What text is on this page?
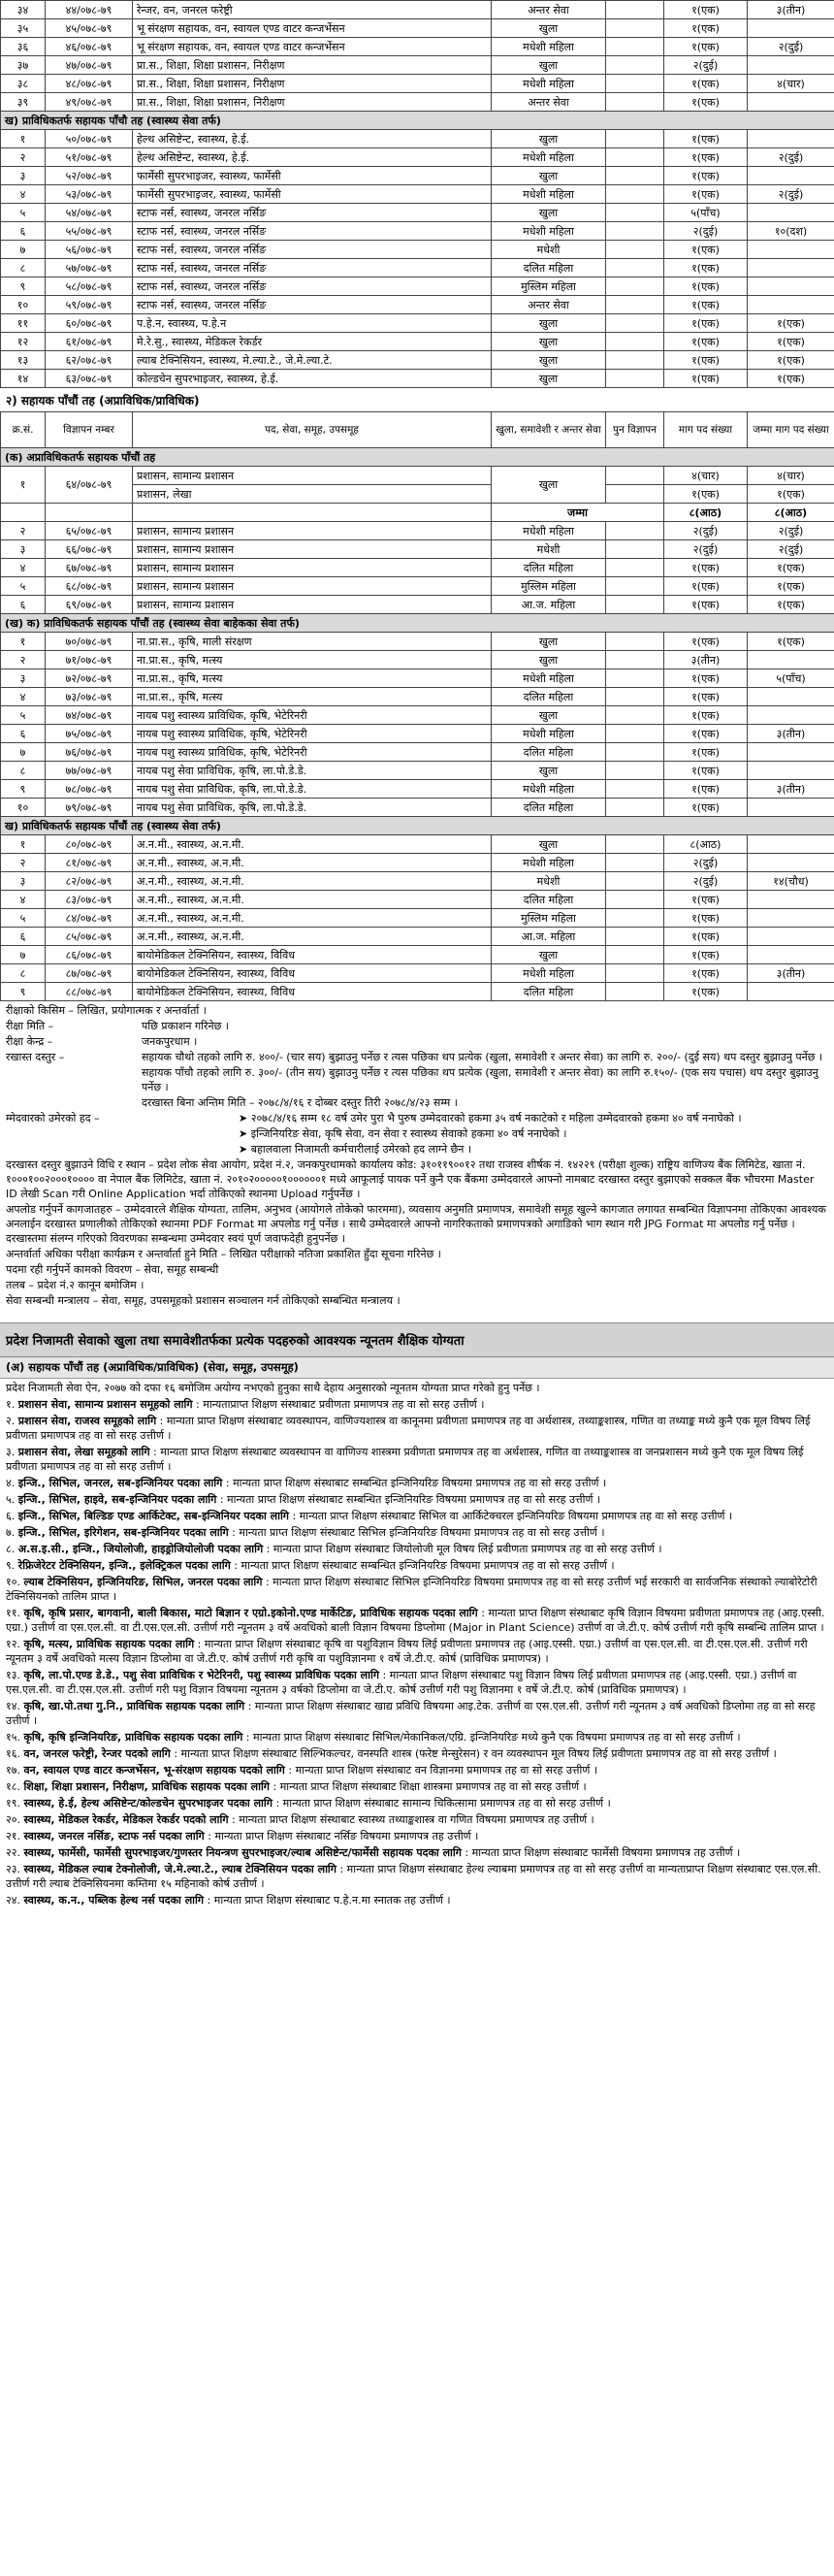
३४	४४/०७८-७९	रेन्जर, वन, जनरल फरेष्ट्री	अन्तर सेवा		१(एक)	३(तीन)
३५	४५/०७८-७९	भू संरक्षण सहायक, वन, स्वायल एण्ड वाटर कन्जर्भेसन	खुला		१(एक)	
३६	४६/०७८-७९	भू संरक्षण सहायक, वन, स्वायल एण्ड वाटर कन्जर्भेसन	मधेशी महिला		१(एक)	२(दुई)
३७	४७/०७८-७९	प्रा.स., शिक्षा, शिक्षा प्रशासन, निरीक्षण	खुला		२(दुई)	
३८	४८/०७८-७९	प्रा.स., शिक्षा, शिक्षा प्रशासन, निरीक्षण	मधेशी महिला		१(एक)	४(चार)
३९	४९/०७८-७९	प्रा.स., शिक्षा, शिक्षा प्रशासन, निरीक्षण	अन्तर सेवा		१(एक)	
ख) प्राविधिकतर्फ सहायक पाँचौ तह (स्वास्थ्य सेवा तर्फ)						
१	५०/०७८-७९	हेल्थ असिष्टेन्ट, स्वास्थ्य, हे.ई.	खुला		१(एक)	
२	५१/०७८-७९	हेल्थ असिष्टेन्ट, स्वास्थ्य, हे.ई.	मधेशी महिला		१(एक)	२(दुई)
३	५२/०७८-७९	फार्मेसी सुपरभाइजर, स्वास्थ्य, फार्मेसी	खुला		१(एक)	
४	५३/०७८-७९	फार्मेसी सुपरभाइजर, स्वास्थ्य, फार्मेसी	मधेशी महिला		१(एक)	२(दुई)
५	५४/०७८-७९	स्टाफ नर्स, स्वास्थ्य, जनरल नर्सिङ	खुला		५(पाँच)	
६	५५/०७८-७९	स्टाफ नर्स, स्वास्थ्य, जनरल नर्सिङ	मधेशी महिला		२(दुई)	१०(दश)
७	५६/०७८-७९	स्टाफ नर्स, स्वास्थ्य, जनरल नर्सिङ	मधेशी		१(एक)	
८	५७/०७८-७९	स्टाफ नर्स, स्वास्थ्य, जनरल नर्सिङ	दलित महिला		१(एक)	
९	५८/०७८-७९	स्टाफ नर्स, स्वास्थ्य, जनरल नर्सिङ	मुस्लिम महिला		१(एक)	
१०	५९/०७८-७९	स्टाफ नर्स, स्वास्थ्य, जनरल नर्सिङ	अन्तर सेवा		१(एक)	
११	६०/०७८-७९	प.हे.न, स्वास्थ्य, प.हे.न	खुला		१(एक)	१(एक)
१२	६१/०७८-७९	मे.रे.सु., स्वास्थ्य, मेडिकल रेकर्डर	खुला		१(एक)	१(एक)
१३	६२/०७८-७९	ल्याब टेक्निसियन, स्वास्थ्य, मे.ल्या.टे., जे.मे.ल्या.टे.	खुला		१(एक)	१(एक)
१४	६३/०७८-७९	कोल्डचेन सुपरभाइजर, स्वास्थ्य, हे.ई.	खुला		१(एक)	१(एक)
२) सहायक पाँचौं तह (अप्राविधिक/प्राविधिक)
क्र.सं.	विज्ञापन नम्बर	पद, सेवा, समूह, उपसमूह	खुला, समावेशी र अन्तर सेवा	पुन विज्ञापन	माग पद संख्या	जम्मा माग पद संख्या
(क) अप्राविधिकतर्फ सहायक पाँचौं तह						
१	६४/०७८-७९	प्रशासन, सामान्य प्रशासन	खुला		४(चार)	४(चार)
		प्रशासन, लेखा			१(एक)	१(एक)
			जम्मा		८(आठ)	८(आठ)
२	६५/०७८-७९	प्रशासन, सामान्य प्रशासन	मधेशी महिला		२(दुई)	२(दुई)
३	६६/०७८-७९	प्रशासन, सामान्य प्रशासन	मधेशी		२(दुई)	२(दुई)
४	६७/०७८-७९	प्रशासन, सामान्य प्रशासन	दलित महिला		१(एक)	१(एक)
५	६८/०७८-७९	प्रशासन, सामान्य प्रशासन	मुस्लिम महिला		१(एक)	१(एक)
६	६९/०७८-७९	प्रशासन, सामान्य प्रशासन	आ.ज. महिला		१(एक)	१(एक)
(ख) क) प्राविधिकतर्फ सहायक पाँचौं तह (स्वास्थ्य सेवा बाहेकका सेवा तर्फ)						
१	७०/०७८-७९	ना.प्रा.स., कृषि, माली संरक्षण	खुला		१(एक)	१(एक)
२	७१/०७८-७९	ना.प्रा.स., कृषि, मत्स्य	खुला		३(तीन)	
३	७२/०७८-७९	ना.प्रा.स., कृषि, मत्स्य	मधेशी महिला		१(एक)	५(पाँच)
४	७३/०७८-७९	ना.प्रा.स., कृषि, मत्स्य	दलित महिला		१(एक)	
५	७४/०७८-७९	नायब पशु स्वास्थ्य प्राविधिक, कृषि, भेटेरिनरी	खुला		१(एक)	
६	७५/०७८-७९	नायब पशु स्वास्थ्य प्राविधिक, कृषि, भेटेरिनरी	मधेशी महिला		१(एक)	३(तीन)
७	७६/०७८-७९	नायब पशु स्वास्थ्य प्राविधिक, कृषि, भेटेरिनरी	दलित महिला		१(एक)	
८	७७/०७८-७९	नायब पशु सेवा प्राविधिक, कृषि, ला.पो.डे.डे.	खुला		१(एक)	
९	७८/०७८-७९	नायब पशु सेवा प्राविधिक, कृषि, ला.पो.डे.डे.	मधेशी महिला		१(एक)	३(तीन)
१०	७९/०७८-७९	नायब पशु सेवा प्राविधिक, कृषि, ला.पो.डे.डे.	दलित महिला		१(एक)	
ख) प्राविधिकतर्फ सहायक पाँचौं तह (स्वास्थ्य सेवा तर्फ)						
१	८०/०७८-७९	अ.न.मी., स्वास्थ्य, अ.न.मी.	खुला		८(आठ)	
२	८१/०७८-७९	अ.न.मी., स्वास्थ्य, अ.न.मी.	मधेशी महिला		२(दुई)	
३	८२/०७८-७९	अ.न.मी., स्वास्थ्य, अ.न.मी.	मधेशी		२(दुई)	१४(चौध)
४	८३/०७८-७९	अ.न.मी., स्वास्थ्य, अ.न.मी.	दलित महिला		१(एक)	
५	८४/०७८-७९	अ.न.मी., स्वास्थ्य, अ.न.मी.	मुस्लिम महिला		१(एक)	
६	८५/०७८-७९	अ.न.मी., स्वास्थ्य, अ.न.मी.	आ.ज. महिला		१(एक)	
७	८६/०७८-७९	बायोमेडिकल टेक्निसियन, स्वास्थ्य, विविध	खुला		१(एक)	
८	८७/०७८-७९	बायोमेडिकल टेक्निसियन, स्वास्थ्य, विविध	मधेशी महिला		१(एक)	३(तीन)
९	८८/०७८-७९	बायोमेडिकल टेक्निसियन, स्वास्थ्य, विविध	दलित महिला		१(एक)	

रीक्षाको किसिम – लिखित, प्रयोगात्मक र अन्तर्वार्ता ।

रीक्षा मिति –	पछि प्रकाशन गरिनेछ ।

रीक्षा केन्द्र –	जनकपुरधाम ।

रखास्त दस्तुर –	सहायक चौथो तहको लागि रु. ४००/- (चार सय) बुझाउनु पर्नेछ र त्यस पछिका थप प्रत्येक (खुला, समावेशी र अन्तर सेवा) का लागि रु. २००/- (दुई सय) थप दस्तुर बुझाउनु पर्नेछ ।

सहायक पाँचौ तहको लागि रु. ३००/- (तीन सय) बुझाउनु पर्नेछ र त्यस पछिका थप प्रत्येक (खुला, समावेशी र अन्तर सेवा) का लागि रु.१५०/- (एक सय पचास) थप दस्तुर बुझाउनु पर्नेछ ।

दरखास्त बिना अन्तिम मिति – २०७८/४/१६ र दोब्बर दस्तुर तिरी २०७८/४/२३ सम्म ।

म्मेदवारको उमेरको हद –	➤ २०७८/४/१६ सम्म १८ वर्ष उमेर पुरा भै पुरुष उम्मेदवारको हकमा ३५ वर्ष नकाटेको र महिला उम्मेदवारको हकमा ४० वर्ष ननाघेको ।

➤ इन्जिनियरिङ सेवा, कृषि सेवा, वन सेवा र स्वास्थ्य सेवाको हकमा ४० वर्ष ननाघेको ।

➤ बहालवाला निजामती कर्मचारीलाई उमेरको हद लाग्ने छैन ।

दरखास्त दस्तुर बुझाउने विधि र स्थान – प्रदेश लोक सेवा आयोग, प्रदेश नं.२, जनकपुरधामको कार्यालय कोड: ३१०११९००१२ तथा राजस्व शीर्षक नं. १४२२९ (परीक्षा शुल्क) राष्ट्रिय वाणिज्य बैंक लिमिटेड, खाता नं. १०००१००२०००१०००० वा नेपाल बैंक लिमिटेड, खाता नं. २०१०२०००००१००००००१ मध्ये आफूलाई पायक पर्ने कुनै एक बैंकमा उम्मेदवारले आफ्नो नामबाट दरखास्त दस्तुर बुझाएको सक्कल बैंक भौचरमा Master ID लेखी Scan गरी Online Application भर्दा तोकिएको स्थानमा Upload गर्नुपर्नेछ ।

अपलोड गर्नुपर्ने कागजातहरु – उम्मेदवारले शैक्षिक योग्यता, तालिम, अनुभव (आयोगले तोकेको फारममा), व्यवसाय अनुमति प्रमाणपत्र, समावेशी समूह खुल्ने कागजात लगायत सम्बन्धित विज्ञापनमा तोकिएका आवश्यक अनलाईन दरखास्त प्रणालीको तोकिएको स्थानमा PDF Format मा अपलोड गर्नु पर्नेछ । साथै उम्मेदवारले आफ्नो नागरिकताको प्रमाणपत्रको अगाडिको भाग स्थान गरी JPG Format मा अपलोड गर्नु पर्नेछ । दरखास्तमा संलग्न गरिएको विवरणका सम्बन्धमा उम्मेदवार स्वयं पूर्ण जवाफदेही हुनुपर्नेछ ।

अन्तर्वार्ता अधिका परीक्षा कार्यक्रम र अन्तर्वार्ता हुने मिति – लिखित परीक्षाको नतिजा प्रकाशित हुँदा सूचना गरिनेछ ।

पदमा रही गर्नुपर्ने कामको विवरण – सेवा, समूह सम्बन्धी

तलब – प्रदेश नं.२ कानून बमोजिम ।

सेवा सम्बन्धी मन्त्रालय – सेवा, समूह, उपसमूहको प्रशासन सञ्चालन गर्न तोकिएको सम्बन्धित मन्त्रालय ।

प्रदेश निजामती सेवाको खुला तथा समावेशीतर्फका प्रत्येक पदहरुको आवश्यक न्यूनतम शैक्षिक योग्यता
(अ) सहायक पाँचौं तह (अप्राविधिक/प्राविधिक) (सेवा, समूह, उपसमूह)

प्रदेश निजामती सेवा ऐन, २०७७ को दफा १६ बमोजिम अयोग्य नभएको हुनुका साथै देहाय अनुसारको न्यूनतम योग्यता प्राप्त गरेको हुनु पर्नेछ ।

१. प्रशासन सेवा, सामान्य प्रशासन समूहको लागि : मान्यताप्राप्त शिक्षण संस्थाबाट प्रवीणता प्रमाणपत्र तह वा सो सरह उत्तीर्ण ।

२. प्रशासन सेवा, राजस्व समूहको लागि : मान्यता प्राप्त शिक्षण संस्थाबाट व्यवस्थापन, वाणिज्यशास्त्र वा कानूनमा प्रवीणता प्रमाणपत्र तह वा अर्थशास्त्र, तथ्याङ्कशास्त्र, गणित वा तथ्याङ्क मध्ये कुनै एक मूल विषय लिई प्रवीणता प्रमाणपत्र तह वा सो सरह उत्तीर्ण ।

३. प्रशासन सेवा, लेखा समूहको लागि : मान्यता प्राप्त शिक्षण संस्थाबाट व्यवस्थापन वा वाणिज्य शास्त्रमा प्रवीणता प्रमाणपत्र तह वा अर्थशास्त्र, गणित वा तथ्याङ्कशास्त्र वा जनप्रशासन मध्ये कुनै एक मूल विषय लिई प्रवीणता प्रमाणपत्र तह वा सो सरह उत्तीर्ण ।

४. इन्जि., सिभिल, जनरल, सब-इन्जिनियर पदका लागि : मान्यता प्राप्त शिक्षण संस्थाबाट सम्बन्धित इन्जिनियरिङ विषयमा प्रमाणपत्र तह वा सो सरह उत्तीर्ण ।

५. इन्जि., सिभिल, हाइवे, सब-इन्जिनियर पदका लागि : मान्यता प्राप्त शिक्षण संस्थाबाट सम्बन्धित इन्जिनियरिङ विषयमा प्रमाणपत्र तह वा सो सरह उत्तीर्ण ।

६. इन्जि., सिभिल, बिल्डिङ एण्ड आर्किटेक्ट, सब-इन्जिनियर पदका लागि : मान्यता प्राप्त शिक्षण संस्थाबाट सिभिल वा आर्किटेक्चरल इन्जिनियरिङ विषयमा प्रमाणपत्र तह वा सो सरह उत्तीर्ण ।

७. इन्जि., सिभिल, इरिगेशन, सब-इन्जिनियर पदका लागि : मान्यता प्राप्त शिक्षण संस्थाबाट सिभिल इन्जिनियरिङ विषयमा प्रमाणपत्र तह वा सो सरह उत्तीर्ण ।

८. अ.स.इ.सी., इन्जि., जियोलोजी, हाइड्रोजियोलोजी पदका लागि : मान्यता प्राप्त शिक्षण संस्थाबाट जियोलोजी मूल विषय लिई प्रवीणता प्रमाणपत्र तह वा सो सरह उत्तीर्ण ।

९. रेफ्रिजेरेटर टेक्निसियन, इन्जि., इलेक्ट्रिकल पदका लागि : मान्यता प्राप्त शिक्षण संस्थाबाट सम्बन्धित इन्जिनियरिङ विषयमा प्रमाणपत्र तह वा सो सरह उत्तीर्ण ।

१०. ल्याब टेक्निसियन, इन्जिनियरिङ, सिभिल, जनरल पदका लागि : मान्यता प्राप्त शिक्षण संस्थाबाट सिभिल इन्जिनियरिङ विषयमा प्रमाणपत्र तह वा सो सरह उत्तीर्ण भई सरकारी वा सार्वजनिक संस्थाको ल्याबोरेटोरी टेक्निसियनको तालिम प्राप्त ।

११. कृषि, कृषि प्रसार, बागवानी, बाली बिकास, माटो बिज्ञान र एग्रो.इकोनो.एण्ड मार्केटिङ, प्राविधिक सहायक पदका लागि : मान्यता प्राप्त शिक्षण संस्थाबाट कृषि विज्ञान विषयमा प्रवीणता प्रमाणपत्र तह (आइ.एस्सी. एग्रा.) उत्तीर्ण वा एस.एल.सी. वा टी.एस.एल.सी. उत्तीर्ण गरी न्यूनतम ३ वर्षे अवधिको बाली विज्ञान विषयमा डिप्लोमा (Major in Plant Science) उत्तीर्ण वा जे.टी.ए. कोर्ष उत्तीर्ण गरी कृषि सम्बन्धि तालिम प्राप्त ।

१२. कृषि, मत्स्य, प्राविधिक सहायक पदका लागि : मान्यता प्राप्त शिक्षण संस्थाबाट कृषि वा पशुविज्ञान विषय लिई प्रवीणता प्रमाणपत्र तह (आइ.एस्सी. एग्रा.) उत्तीर्ण वा एस.एल.सी. वा टी.एस.एल.सी. उत्तीर्ण गरी न्यूनतम ३ वर्षे अवधिको मत्स्य विज्ञान डिप्लोमा वा जे.टी.ए. कोर्ष उत्तीर्ण गरी कृषि वा पशुविज्ञानमा १ वर्षे जे.टी.ए. कोर्ष (प्राविधिक प्रमाणपत्र) ।

१३. कृषि, ला.पो.एण्ड डे.डे., पशु सेवा प्राविधिक र भेटेरिनरी, पशु स्वास्थ्य प्राविधिक पदका लागि : मान्यता प्राप्त शिक्षण संस्थाबाट पशु विज्ञान विषय लिई प्रवीणता प्रमाणपत्र तह (आइ.एस्सी. एग्रा.) उत्तीर्ण वा एस.एल.सी. वा टी.एस.एल.सी. उत्तीर्ण गरी पशु विज्ञान विषयमा न्यूनतम ३ वर्षको डिप्लोमा वा जे.टी.ए. कोर्ष उत्तीर्ण गरी पशु विज्ञानमा १ वर्षे जे.टी.ए. कोर्ष (प्राविधिक प्रमाणपत्र) ।

१४. कृषि, खा.पो.तथा गु.नि., प्राविधिक सहायक पदका लागि : मान्यता प्राप्त शिक्षण संस्थाबाट खाद्य प्रविधि विषयमा आइ.टेक. उत्तीर्ण वा एस.एल.सी. उत्तीर्ण गरी न्यूनतम ३ वर्ष अवधिको डिप्लोमा तह वा सो सरह उत्तीर्ण ।

१५. कृषि, कृषि इन्जिनियरिङ, प्राविधिक सहायक पदका लागि : मान्यता प्राप्त शिक्षण संस्थाबाट सिभिल/मेकानिकल/एग्रि. इन्जिनियरिङ मध्ये कुनै एक विषयमा प्रमाणपत्र तह वा सो सरह उत्तीर्ण ।

१६. वन, जनरल फरेष्ट्री, रेन्जर पदको लागि : मान्यता प्राप्त शिक्षण संस्थाबाट सिल्भिकल्चर, वनस्पति शास्त्र (फरेष्ट मेन्सुरेसन) र वन व्यवस्थापन मूल विषय लिई प्रवीणता प्रमाणपत्र तह वा सो सरह उत्तीर्ण ।

१७. वन, स्वायल एण्ड वाटर कन्जर्भेसन, भू-संरक्षण सहायक पदको लागि : मान्यता प्राप्त शिक्षण संस्थाबाट वन विज्ञानमा प्रमाणपत्र तह वा सो सरह उत्तीर्ण ।

१८. शिक्षा, शिक्षा प्रशासन, निरीक्षण, प्राविधिक सहायक पदका लागि : मान्यता प्राप्त शिक्षण संस्थाबाट शिक्षा शास्त्रमा प्रमाणपत्र तह वा सो सरह उत्तीर्ण ।

१९. स्वास्थ्य, हे.ई, हेल्थ असिष्टेन्ट/कोल्डचेन सुपरभाइजर पदका लागि : मान्यता प्राप्त शिक्षण संस्थाबाट सामान्य चिकित्सामा प्रमाणपत्र तह वा सो सरह उत्तीर्ण ।

२०. स्वास्थ्य, मेडिकल रेकर्डर, मेडिकल रेकर्डर पदको लागि : मान्यता प्राप्त शिक्षण संस्थाबाट स्वास्थ्य तथ्याङ्कशास्त्र वा गणित विषयमा प्रमाणपत्र तह उत्तीर्ण ।

२१. स्वास्थ्य, जनरल नर्सिङ, स्टाफ नर्स पदका लागि : मान्यता प्राप्त शिक्षण संस्थाबाट नर्सिङ विषयमा प्रमाणपत्र तह उत्तीर्ण ।

२२. स्वास्थ्य, फार्मेसी, फार्मेसी सुपरभाइजर/गुणस्तर नियन्त्रण सुपरभाइजर/ल्याब असिष्टेन्ट/फार्मेसी सहायक पदका लागि : मान्यता प्राप्त शिक्षण संस्थाबाट फार्मेसी विषयमा प्रमाणपत्र तह उत्तीर्ण ।

२३. स्वास्थ्य, मेडिकल ल्याब टेक्नोलोजी, जे.मे.ल्या.टे., ल्याब टेक्निसियन पदका लागि : मान्यता प्राप्त शिक्षण संस्थाबाट हेल्थ ल्याबमा प्रमाणपत्र तह वा सो सरह उत्तीर्ण वा मान्यताप्राप्त शिक्षण संस्थाबाट एस.एल.सी. उत्तीर्ण गरी ल्याब टेक्निसियनमा कम्तिमा १५ महिनाको कोर्ष उत्तीर्ण ।

२४. स्वास्थ्य, क.न., पब्लिक हेल्थ नर्स पदका लागि : मान्यता प्राप्त शिक्षण संस्थाबाट प.हे.न.मा स्नातक तह उत्तीर्ण ।
